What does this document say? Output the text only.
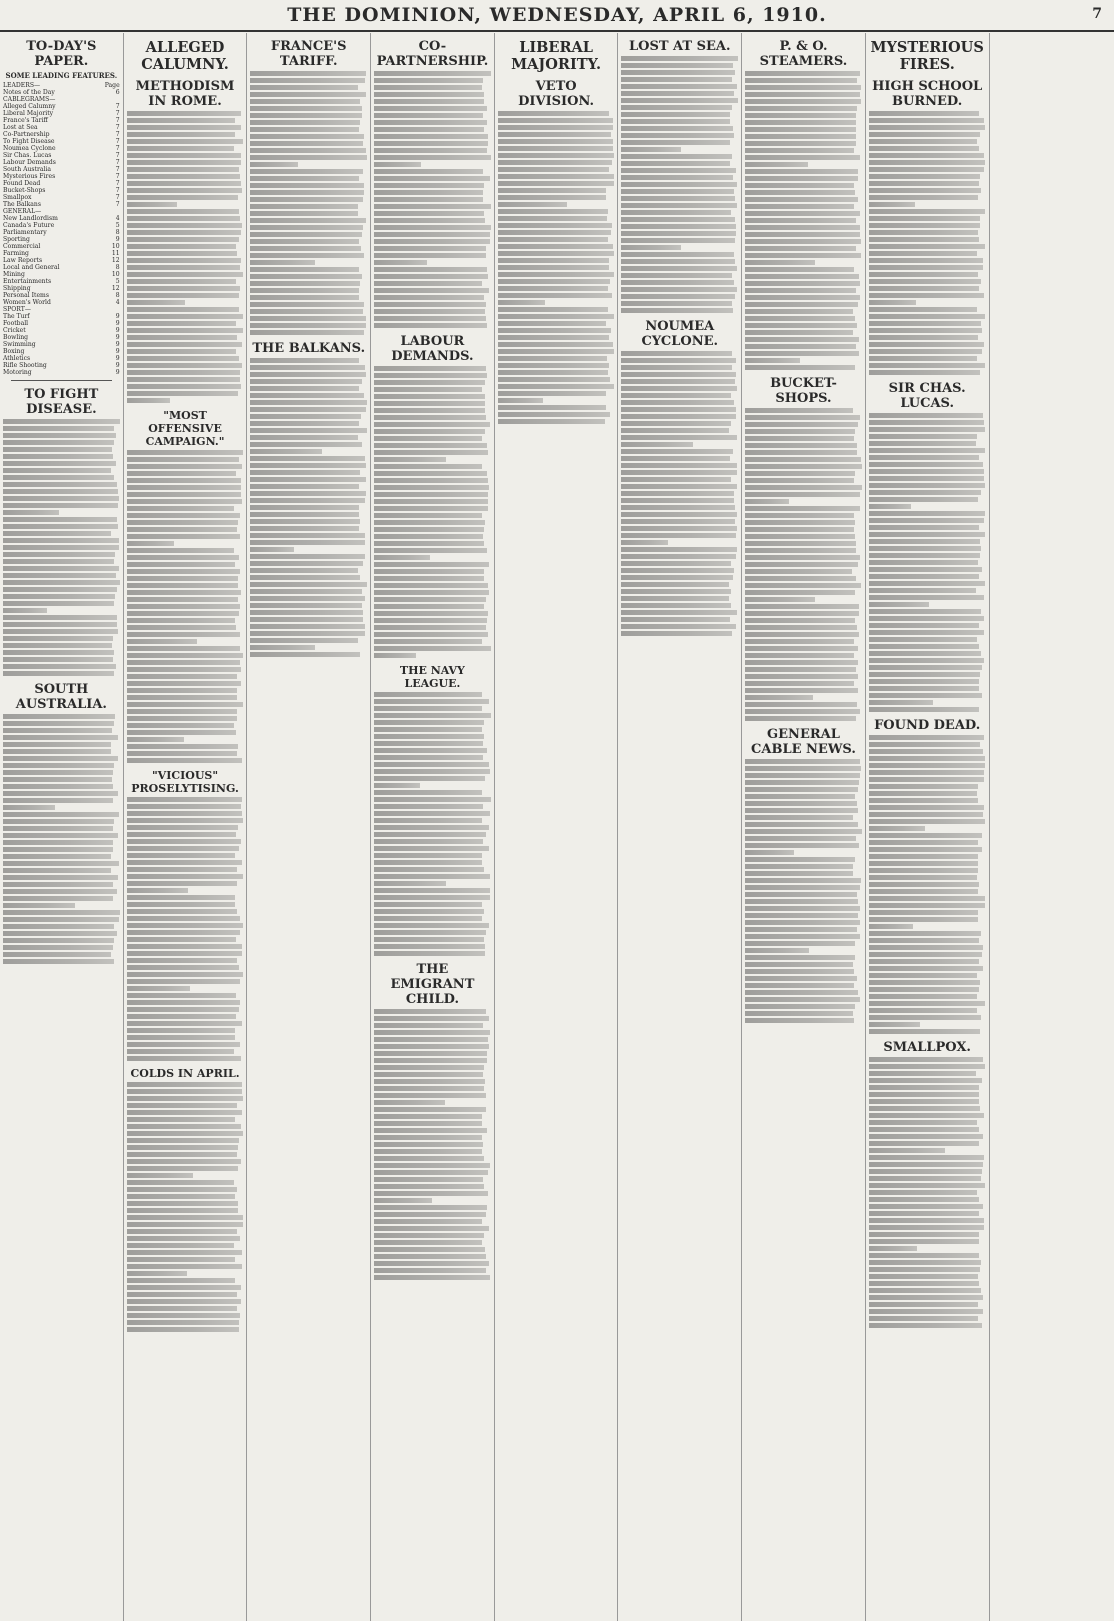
THE DOMINION, WEDNESDAY, APRIL 6, 1910.	7
TO-DAY'S PAPER.
SOME LEADING FEATURES.
LEADERS—	Page
Notes of the Day	6
CABLEGRAMS—
Alleged Calumny	7
Liberal Majority	7
France's Tariff	7
Lost at Sea	7
Co-Partnership	7
To Fight Disease	7
Noumea Cyclone	7
Sir Chas. Lucas	7
Labour Demands	7
South Australia	7
Mysterious Fires	7
Found Dead	7
Bucket-Shops	7
Smallpox	7
The Balkans	7
GENERAL—
New Landlordism	4
Canada's Future	5
Parliamentary	8
Sporting	9
Commercial	10
Farming	11
Law Reports	12
Local and General	8
Mining	10
Entertainments	5
Shipping	12
Personal Items	8
Women's World	4
SPORT—
The Turf	9
Football	9
Cricket	9
Bowling	9
Swimming	9
Boxing	9
Athletics	9
Rifle Shooting	9
Motoring	9
TO FIGHT DISEASE.
SOUTH AUSTRALIA.
ALLEGED CALUMNY.
METHODISM IN ROME.
"MOST OFFENSIVE CAMPAIGN."
"VICIOUS" PROSELYTISING.
COLDS IN APRIL.
FRANCE'S TARIFF.
THE BALKANS.
CO-PARTNERSHIP.
LABOUR DEMANDS.
THE NAVY LEAGUE.
THE EMIGRANT CHILD.
LIBERAL MAJORITY.
VETO DIVISION.
LOST AT SEA.
NOUMEA CYCLONE.
P. & O. STEAMERS.
BUCKET-SHOPS.
GENERAL CABLE NEWS.
MYSTERIOUS FIRES.
HIGH SCHOOL BURNED.
SIR CHAS. LUCAS.
FOUND DEAD.
SMALLPOX.
